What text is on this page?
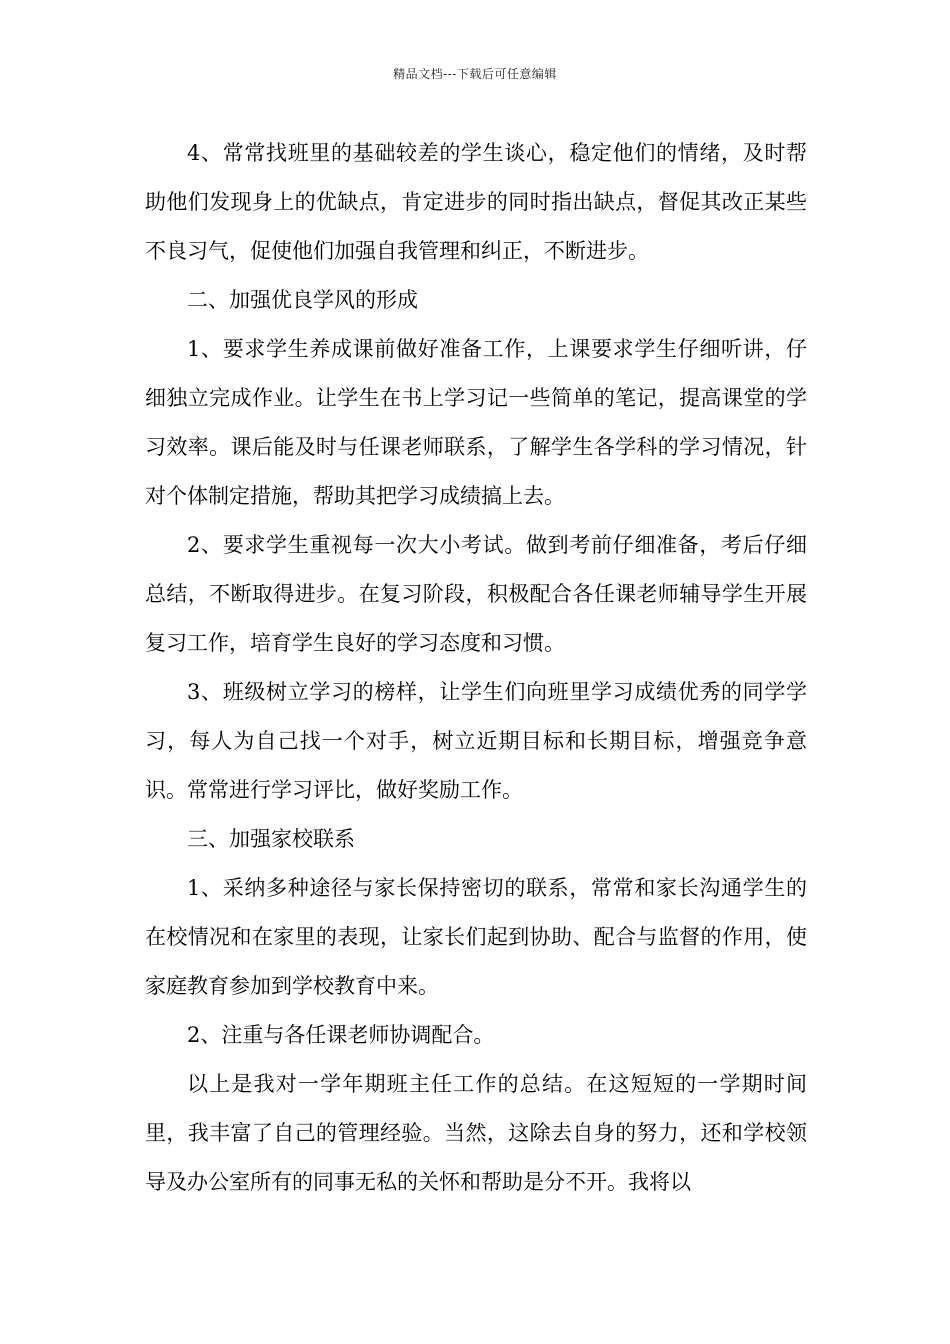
精品文档---下载后可任意编辑

4、常常找班里的基础较差的学生谈心，稳定他们的情绪，及时帮助他们发现身上的优缺点，肯定进步的同时指出缺点，督促其改正某些不良习气，促使他们加强自我管理和纠正，不断进步。

二、加强优良学风的形成

1、要求学生养成课前做好准备工作，上课要求学生仔细听讲，仔细独立完成作业。让学生在书上学习记一些简单的笔记，提高课堂的学习效率。课后能及时与任课老师联系，了解学生各学科的学习情况，针对个体制定措施，帮助其把学习成绩搞上去。

2、要求学生重视每一次大小考试。做到考前仔细准备，考后仔细总结，不断取得进步。在复习阶段，积极配合各任课老师辅导学生开展复习工作，培育学生良好的学习态度和习惯。

3、班级树立学习的榜样，让学生们向班里学习成绩优秀的同学学习，每人为自己找一个对手，树立近期目标和长期目标，增强竞争意识。常常进行学习评比，做好奖励工作。

三、加强家校联系

1、采纳多种途径与家长保持密切的联系，常常和家长沟通学生的在校情况和在家里的表现，让家长们起到协助、配合与监督的作用，使家庭教育参加到学校教育中来。

2、注重与各任课老师协调配合。

以上是我对一学年期班主任工作的总结。在这短短的一学期时间里，我丰富了自己的管理经验。当然，这除去自身的努力，还和学校领导及办公室所有的同事无私的关怀和帮助是分不开。我将以
